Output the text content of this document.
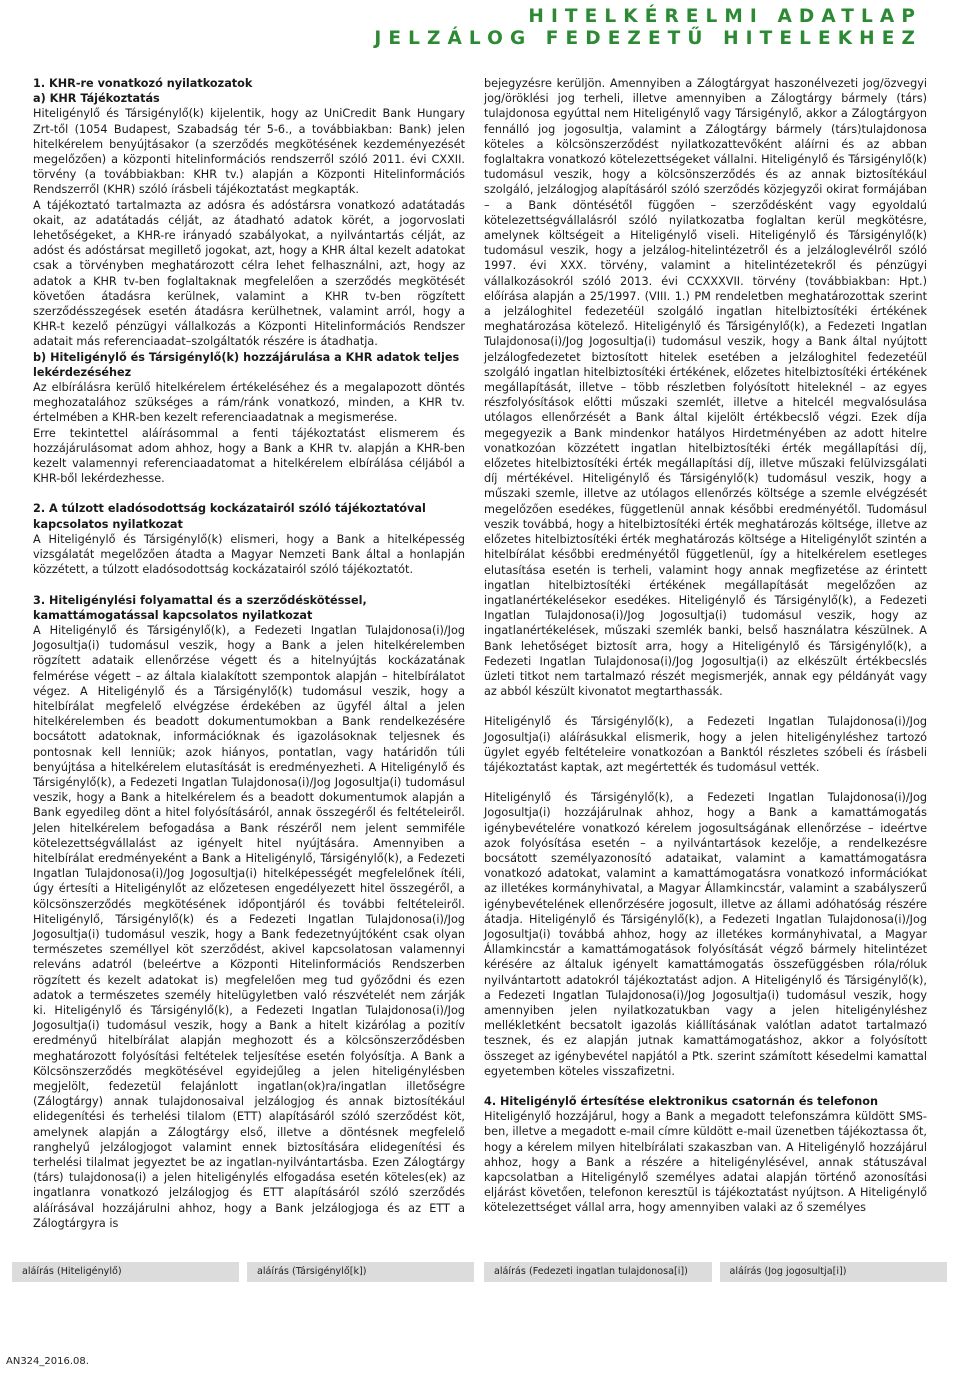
HITELKÉRELMI ADATLAP
JELZÁLOG FEDEZETŰ HITELEKHEZ

1. KHR-re vonatkozó nyilatkozatok

a) KHR Tájékoztatás

Hiteligénylő és Társigénylő(k) kijelentik, hogy az UniCredit Bank Hungary Zrt-től (1054 Budapest, Szabadság tér 5-6., a továbbiakban: Bank) jelen hitelkérelem benyújtásakor (a szerződés megkötésének kezdeményezését megelőzően) a központi hitelinformációs rendszerről szóló 2011. évi CXXII. törvény (a továbbiakban: KHR tv.) alapján a Központi Hitelinformációs Rendszerről (KHR) szóló írásbeli tájékoztatást megkapták.

A tájékoztató tartalmazta az adósra és adóstársra vonatkozó adatátadás okait, az adatátadás célját, az átadható adatok körét, a jogorvoslati lehetőségeket, a KHR-re irányadó szabályokat, a nyilvántartás célját, az adóst és adóstársat megillető jogokat, azt, hogy a KHR által kezelt adatokat csak a törvényben meghatározott célra lehet felhasználni, azt, hogy az adatok a KHR tv-ben foglaltaknak megfelelően a szerződés megkötését követően átadásra kerülnek, valamint a KHR tv-ben rögzített szerződésszegések esetén átadásra kerülhetnek, valamint arról, hogy a KHR-t kezelő pénzügyi vállalkozás a Központi Hitelinformációs Rendszer adatait más referenciaadat–szolgáltatók részére is átadhatja.

b) Hiteligénylő és Társigénylő(k) hozzájárulása a KHR adatok teljes lekérdezéséhez

Az elbírálásra kerülő hitelkérelem értékeléséhez és a megalapozott döntés meghozatalához szükséges a rám/ránk vonatkozó, minden, a KHR tv. értelmében a KHR-ben kezelt referenciaadatnak a megismerése.

Erre tekintettel aláírásommal a fenti tájékoztatást elismerem és hozzájárulásomat adom ahhoz, hogy a Bank a KHR tv. alapján a KHR-ben kezelt valamennyi referenciaadatomat a hitelkérelem elbírálása céljából a KHR-ből lekérdezhesse.

2. A túlzott eladósodottság kockázatairól szóló tájékoztatóval kapcsolatos nyilatkozat

A Hiteligénylő és Társigénylő(k) elismeri, hogy a Bank a hitelképesség vizsgálatát megelőzően átadta a Magyar Nemzeti Bank által a honlapján közzétett, a túlzott eladósodottság kockázatairól szóló tájékoztatót.

3. Hiteligénylési folyamattal és a szerződéskötéssel, kamattámogatással kapcsolatos nyilatkozat

A Hiteligénylő és Társigénylő(k), a Fedezeti Ingatlan Tulajdonosa(i)/Jog Jogosultja(i) tudomásul veszik, hogy a Bank a jelen hitelkérelemben rögzített adataik ellenőrzése végett és a hitelnyújtás kockázatának felmérése végett – az általa kialakított szempontok alapján – hitelbírálatot végez. A Hiteligénylő és a Társigénylő(k) tudomásul veszik, hogy a hitelbírálat megfelelő elvégzése érdekében az ügyfél által a jelen hitelkérelemben és beadott dokumentumokban a Bank rendelkezésére bocsátott adatoknak, információknak és igazolásoknak teljesnek és pontosnak kell lenniük; azok hiányos, pontatlan, vagy határidőn túli benyújtása a hitelkérelem elutasítását is eredményezheti. A Hiteligénylő és Társigénylő(k), a Fedezeti Ingatlan Tulajdonosa(i)/Jog Jogosultja(i) tudomásul veszik, hogy a Bank a hitelkérelem és a beadott dokumentumok alapján a Bank egyedileg dönt a hitel folyósításáról, annak összegéről és feltételeiről. Jelen hitelkérelem befogadása a Bank részéről nem jelent semmiféle kötelezettségvállalást az igényelt hitel nyújtására. Amennyiben a hitelbírálat eredményeként a Bank a Hiteligénylő, Társigénylő(k), a Fedezeti Ingatlan Tulajdonosa(i)/Jog Jogosultja(i) hitelképességét megfelelőnek ítéli, úgy értesíti a Hiteligénylőt az előzetesen engedélyezett hitel összegéről, a kölcsönszerződés megkötésének időpontjáról és további feltételeiről. Hiteligénylő, Társigénylő(k) és a Fedezeti Ingatlan Tulajdonosa(i)/Jog Jogosultja(i) tudomásul veszik, hogy a Bank fedezetnyújtóként csak olyan természetes személlyel köt szerződést, akivel kapcsolatosan valamennyi releváns adatról (beleértve a Központi Hitelinformációs Rendszerben rögzített és kezelt adatokat is) megfelelően meg tud győződni és ezen adatok a természetes személy hitelügyletben való részvételét nem zárják ki. Hiteligénylő és Társigénylő(k), a Fedezeti Ingatlan Tulajdonosa(i)/Jog Jogosultja(i) tudomásul veszik, hogy a Bank a hitelt kizárólag a pozitív eredményű hitelbírálat alapján meghozott és a kölcsönszerződésben meghatározott folyósítási feltételek teljesítése esetén folyósítja. A Bank a Kölcsönszerződés megkötésével egyidejűleg a jelen hiteligénylésben megjelölt, fedezetül felajánlott ingatlan(ok)ra/ingatlan illetőségre (Zálogtárgy) annak tulajdonosaival jelzálogjog és annak biztosítékául elidegenítési és terhelési tilalom (ETT) alapításáról szóló szerződést köt, amelynek alapján a Zálogtárgy első, illetve a döntésnek megfelelő ranghelyű jelzálogjogot valamint ennek biztosítására elidegenítési és terhelési tilalmat jegyeztet be az ingatlan-nyilvántartásba. Ezen Zálogtárgy (társ) tulajdonosa(i) a jelen hiteligénylés elfogadása esetén köteles(ek) az ingatlanra vonatkozó jelzálogjog és ETT alapításáról szóló szerződés aláírásával hozzájárulni ahhoz, hogy a Bank jelzálogjoga és az ETT a Zálogtárgyra is

bejegyzésre kerüljön. Amennyiben a Zálogtárgyat haszonélvezeti jog/özvegyi jog/öröklési jog terheli, illetve amennyiben a Zálogtárgy bármely (társ) tulajdonosa egyúttal nem Hiteligénylő vagy Társigénylő, akkor a Zálogtárgyon fennálló jog jogosultja, valamint a Zálogtárgy bármely (társ)tulajdonosa köteles a kölcsönszerződést nyilatkozattevőként aláírni és az abban foglaltakra vonatkozó kötelezettségeket vállalni. Hiteligénylő és Társigénylő(k) tudomásul veszik, hogy a kölcsönszerződés és az annak biztosítékául szolgáló, jelzálogjog alapításáról szóló szerződés közjegyzői okirat formájában – a Bank döntésétől függően – szerződésként vagy egyoldalú kötelezettségvállalásról szóló nyilatkozatba foglaltan kerül megkötésre, amelynek költségeit a Hiteligénylő viseli. Hiteligénylő és Társigénylő(k) tudomásul veszik, hogy a jelzálog-hitelintézetről és a jelzáloglevélről szóló 1997. évi XXX. törvény, valamint a hitelintézetekről és pénzügyi vállalkozásokról szóló 2013. évi CCXXXVII. törvény (továbbiakban: Hpt.) előírása alapján a 25/1997. (VIII. 1.) PM rendeletben meghatározottak szerint a jelzáloghitel fedezetéül szolgáló ingatlan hitelbiztosítéki értékének meghatározása kötelező. Hiteligénylő és Társigénylő(k), a Fedezeti Ingatlan Tulajdonosa(i)/Jog Jogosultja(i) tudomásul veszik, hogy a Bank által nyújtott jelzálogfedezetet biztosított hitelek esetében a jelzáloghitel fedezetéül szolgáló ingatlan hitelbiztosítéki értékének, előzetes hitelbiztosítéki értékének megállapítását, illetve – több részletben folyósított hiteleknél – az egyes részfolyósítások előtti műszaki szemlét, illetve a hitelcél megvalósulása utólagos ellenőrzését a Bank által kijelölt értékbecslő végzi. Ezek díja megegyezik a Bank mindenkor hatályos Hirdetményében az adott hitelre vonatkozóan közzétett ingatlan hitelbiztosítéki érték megállapítási díj, előzetes hitelbiztosítéki érték megállapítási díj, illetve műszaki felülvizsgálati díj mértékével. Hiteligénylő és Társigénylő(k) tudomásul veszik, hogy a műszaki szemle, illetve az utólagos ellenőrzés költsége a szemle elvégzését megelőzően esedékes, függetlenül annak későbbi eredményétől. Tudomásul veszik továbbá, hogy a hitelbiztosítéki érték meghatározás költsége, illetve az előzetes hitelbiztosítéki érték meghatározás költsége a Hiteligénylőt szintén a hitelbírálat későbbi eredményétől függetlenül, így a hitelkérelem esetleges elutasítása esetén is terheli, valamint hogy annak megfizetése az érintett ingatlan hitelbiztosítéki értékének megállapítását megelőzően az ingatlanértékelésekor esedékes. Hiteligénylő és Társigénylő(k), a Fedezeti Ingatlan Tulajdonosa(i)/Jog Jogosultja(i) tudomásul veszik, hogy az ingatlanértékelések, műszaki szemlék banki, belső használatra készülnek. A Bank lehetőséget biztosít arra, hogy a Hiteligénylő és Társigénylő(k), a Fedezeti Ingatlan Tulajdonosa(i)/Jog Jogosultja(i) az elkészült értékbecslés üzleti titkot nem tartalmazó részét megismerjék, annak egy példányát vagy az abból készült kivonatot megtarthassák.

Hiteligénylő és Társigénylő(k), a Fedezeti Ingatlan Tulajdonosa(i)/Jog Jogosultja(i) aláírásukkal elismerik, hogy a jelen hiteligényléshez tartozó ügylet egyéb feltételeire vonatkozóan a Banktól részletes szóbeli és írásbeli tájékoztatást kaptak, azt megértették és tudomásul vették.

Hiteligénylő és Társigénylő(k), a Fedezeti Ingatlan Tulajdonosa(i)/Jog Jogosultja(i) hozzájárulnak ahhoz, hogy a Bank a kamattámogatás igénybevételére vonatkozó kérelem jogosultságának ellenőrzése – ideértve azok folyósítása esetén – a nyilvántartások kezelője, a rendelkezésre bocsátott személyazonosító adataikat, valamint a kamattámogatásra vonatkozó adatokat, valamint a kamattámogatásra vonatkozó információkat az illetékes kormányhivatal, a Magyar Államkincstár, valamint a szabályszerű igénybevételének ellenőrzésére jogosult, illetve az állami adóhatóság részére átadja. Hiteligénylő és Társigénylő(k), a Fedezeti Ingatlan Tulajdonosa(i)/Jog Jogosultja(i) továbbá ahhoz, hogy az illetékes kormányhivatal, a Magyar Államkincstár a kamattámogatások folyósítását végző bármely hitelintézet kérésére az általuk igényelt kamattámogatás összefüggésben róla/róluk nyilvántartott adatokról tájékoztatást adjon. A Hiteligénylő és Társigénylő(k), a Fedezeti Ingatlan Tulajdonosa(i)/Jog Jogosultja(i) tudomásul veszik, hogy amennyiben jelen nyilatkozatukban vagy a jelen hiteligényléshez mellékletként becsatolt igazolás kiállításának valótlan adatot tartalmazó tesznek, és ez alapján jutnak kamattámogatáshoz, akkor a folyósított összeget az igénybevétel napjától a Ptk. szerint számított késedelmi kamattal egyetemben köteles visszafizetni.

4. Hiteligénylő értesítése elektronikus csatornán és telefonon

Hiteligénylő hozzájárul, hogy a Bank a megadott telefonszámra küldött SMS-ben, illetve a megadott e-mail címre küldött e-mail üzenetben tájékoztassa őt, hogy a kérelem milyen hitelbírálati szakaszban van. A Hiteligénylő hozzájárul ahhoz, hogy a Bank a részére a hiteligénylésével, annak státuszával kapcsolatban a Hiteligénylő személyes adatai alapján történő azonosítási eljárást követően, telefonon keresztül is tájékoztatást nyújtson. A Hiteligénylő kötelezettséget vállal arra, hogy amennyiben valaki az ő személyes

aláírás (Hiteligénylő)	aláírás (Társigénylő[k])	aláírás (Fedezeti ingatlan tulajdonosa[i])	aláírás (Jog jogosultja[i])
AN324_2016.08.
